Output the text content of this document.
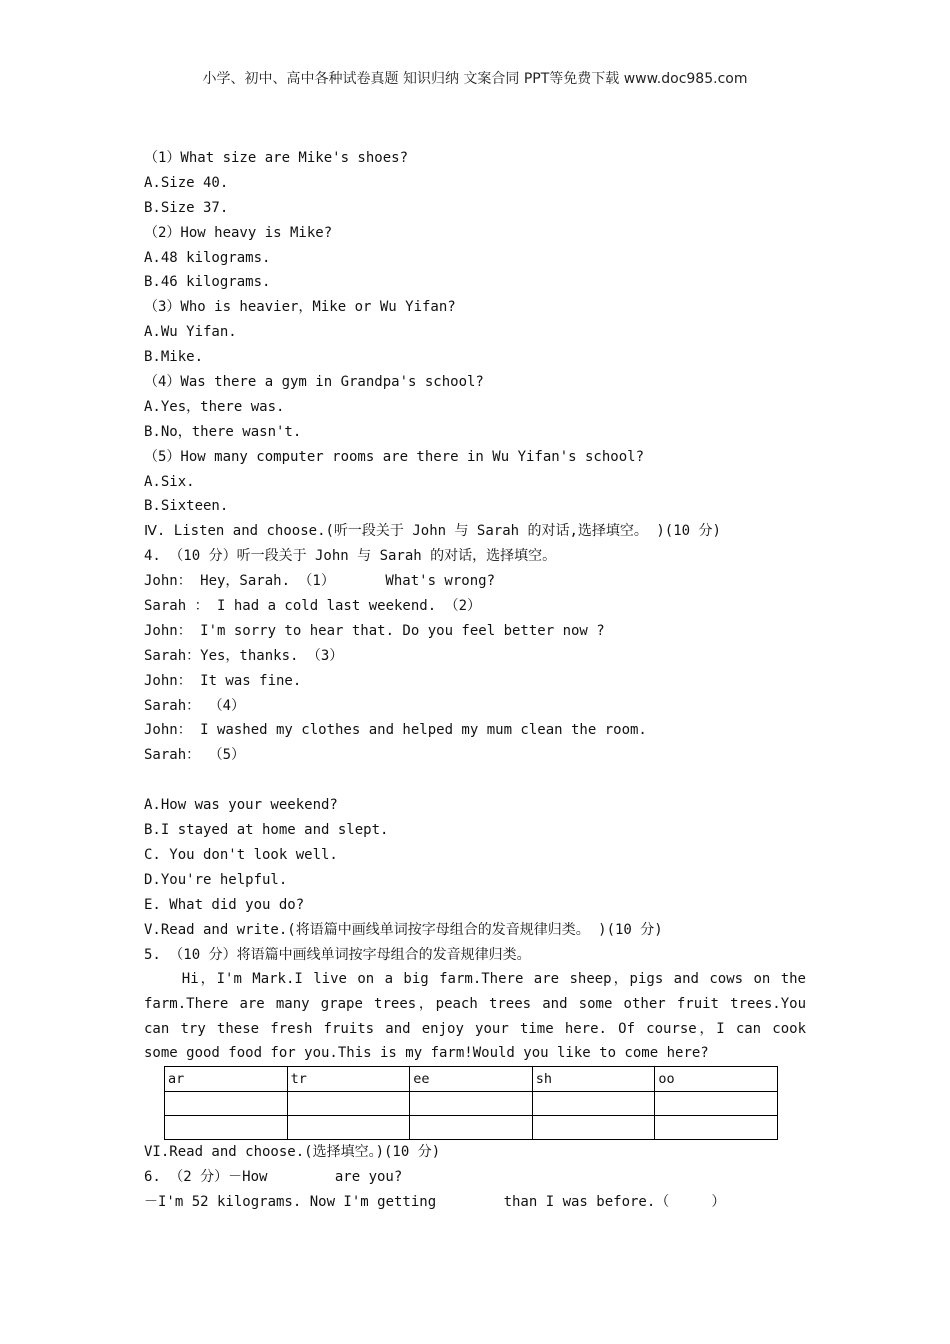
小学、初中、高中各种试卷真题 知识归纳 文案合同 PPT等免费下载 www.doc985.com
（1）What size are Mike's shoes?
A.Size 40.
B.Size 37.
（2）How heavy is Mike?
A.48 kilograms.
B.46 kilograms.
（3）Who is heavier，Mike or Wu Yifan?
A.Wu Yifan.
B.Mike.
（4）Was there a gym in Grandpa's school?
A.Yes，there was.
B.No，there wasn't.
（5）How many computer rooms are there in Wu Yifan's school?
A.Six.
B.Sixteen.
Ⅳ. Listen and choose.(听一段关于 John 与 Sarah 的对话,选择填空。 )(10 分)
4. （10 分）听一段关于 John 与 Sarah 的对话，选择填空。
John： Hey，Sarah. （1）      What's wrong?
Sarah ： I had a cold last weekend. （2）
John： I'm sorry to hear that. Do you feel better now ?
Sarah：Yes，thanks. （3）
John： It was fine.
Sarah： （4）
John： I washed my clothes and helped my mum clean the room.
Sarah： （5）
A.How was your weekend?
B.I stayed at home and slept.
C. You don't look well.
D.You're helpful.
E. What did you do?
V.Read and write.(将语篇中画线单词按字母组合的发音规律归类。 )(10 分)
5. （10 分）将语篇中画线单词按字母组合的发音规律归类。
Hi，I'm Mark.I live on a big farm.There are sheep，pigs and cows on the farm.There are many grape trees，peach trees and some other fruit trees.You can try these fresh fruits and enjoy your time here. Of course，I can cook some good food for you.This is my farm!Would you like to come here?
ar	tr	ee	sh	oo

VI.Read and choose.(选择填空。)(10 分)
6. （2 分）－How        are you?
－I'm 52 kilograms. Now I'm getting        than I was before.（     ）
